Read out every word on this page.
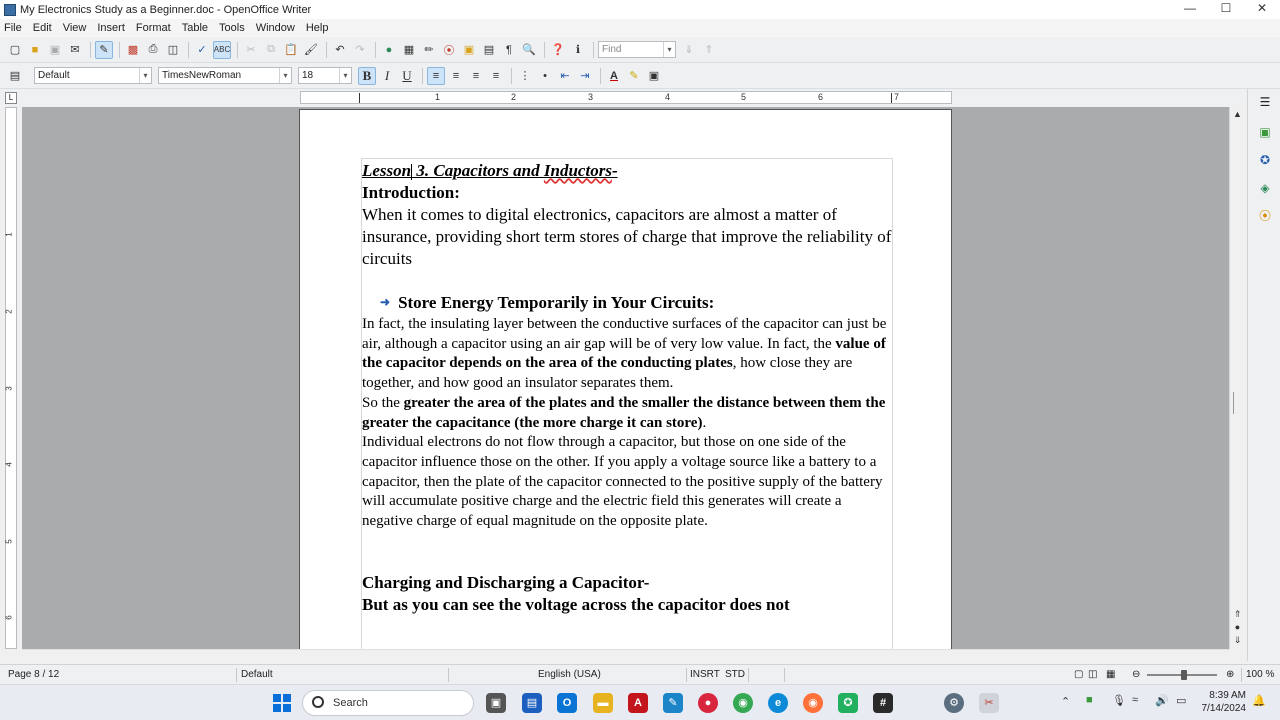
My Electronics Study as a Beginner.doc - OpenOffice Writer	—	☐	✕
File Edit View Insert Format Table Tools Window Help
▢	■	▣ ✉	✎	▩ ⎙ ◫	✓ ABC	✂	⧉ 📋 🖌	↶ ↷	●	▦ ✏ ⦿ ▣ ▤	¶ 🔍 ❓	ℹ	Find	▾	⇓ ⇑
▤	Default	▾	TimesNewRoman	▾	18	▾	B	I	U	≡	≡	≡	≡	⋮	•	⇤ ⇥	A	✎ ▣
L	1	2	3	4	5	6	7
1
2
3
4
5
6
Lesson 3. Capacitors and Inductors-
Introduction:
When it comes to digital electronics, capacitors are almost a matter of insurance, providing short term stores of charge that improve the reliability of circuits
➜ Store Energy Temporarily in Your Circuits:
In fact, the insulating layer between the conductive surfaces of the capacitor can just be air, although a capacitor using an air gap will be of very low value. In fact, the value of the capacitor depends on the area of the conducting plates, how close they are together, and how good an insulator separates them.
So the greater the area of the plates and the smaller the distance between them the greater the capacitance (the more charge it can store).
Individual electrons do not flow through a capacitor, but those on one side of the capacitor influence those on the other. If you apply a voltage source like a battery to a capacitor, then the plate of the capacitor connected to the positive supply of the battery will accumulate positive charge and the electric field this generates will create a negative charge of equal magnitude on the opposite plate.
Charging and Discharging a Capacitor-
But as you can see the voltage across the capacitor does not
▲
⇑
●
⇓
☰
▣
✪
◈
⦿
Page 8 / 12	Default	English (USA)	INSRT STD	▢ ◫ ▦ ⊖	⊕ 100 %
Search	▣	▤	O	▬	A	✎	●	◉	e	◉	✪	#	⚙	✂	⌃ ■ 🎙 ≈ 🔊 ▭	8:39 AM
7/14/2024
🔔
